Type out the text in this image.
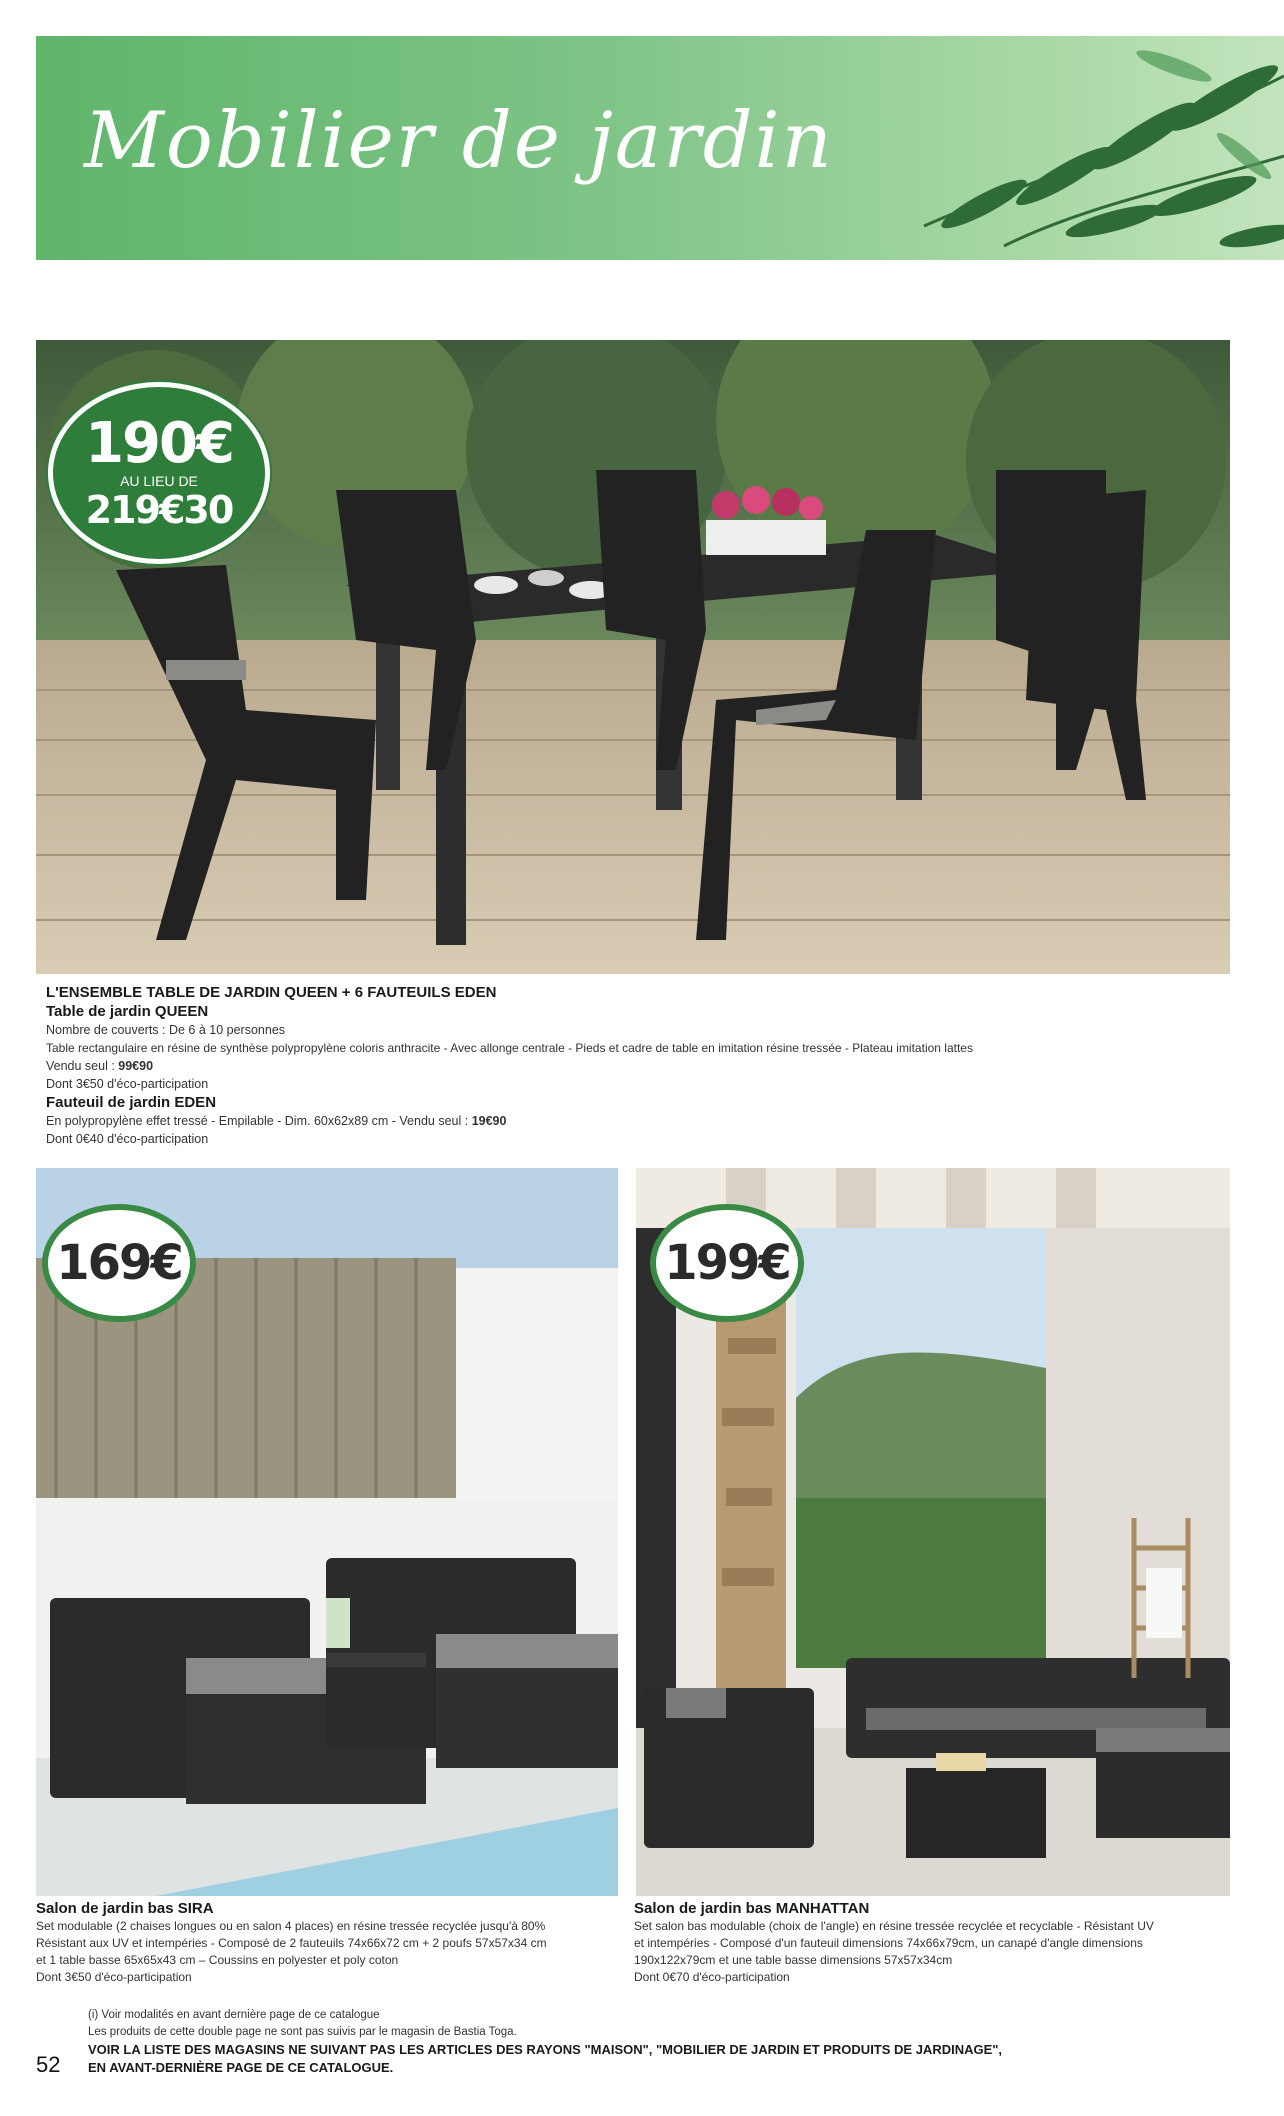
Mobilier de jardin
190€
AU LIEU DE
219€30
L'ENSEMBLE TABLE DE JARDIN QUEEN + 6 FAUTEUILS EDEN
Table de jardin QUEEN
Nombre de couverts : De 6 à 10 personnes
Table rectangulaire en résine de synthèse polypropylène coloris anthracite - Avec allonge centrale - Pieds et cadre de table en imitation résine tressée - Plateau imitation lattes
Vendu seul : 99€90
Dont 3€50 d'éco-participation
Fauteuil de jardin EDEN
En polypropylène effet tressé - Empilable - Dim. 60x62x89 cm - Vendu seul : 19€90
Dont 0€40 d'éco-participation
169€	199€
Salon de jardin bas SIRA
Set modulable (2 chaises longues ou en salon 4 places) en résine tressée recyclée jusqu'à 80%
Résistant aux UV et intempéries - Composé de 2 fauteuils 74x66x72 cm + 2 poufs 57x57x34 cm
et 1 table basse 65x65x43 cm – Coussins en polyester et poly coton
Dont 3€50 d'éco-participation
Salon de jardin bas MANHATTAN
Set salon bas modulable (choix de l'angle) en résine tressée recyclée et recyclable - Résistant UV
et intempéries - Composé d'un fauteuil dimensions 74x66x79cm, un canapé d'angle dimensions
190x122x79cm et une table basse dimensions 57x57x34cm
Dont 0€70 d'éco-participation
(i) Voir modalités en avant dernière page de ce catalogue
Les produits de cette double page ne sont pas suivis par le magasin de Bastia Toga.
VOIR LA LISTE DES MAGASINS NE SUIVANT PAS LES ARTICLES DES RAYONS "MAISON", "MOBILIER DE JARDIN ET PRODUITS DE JARDINAGE",
EN AVANT-DERNIÈRE PAGE DE CE CATALOGUE.
52
